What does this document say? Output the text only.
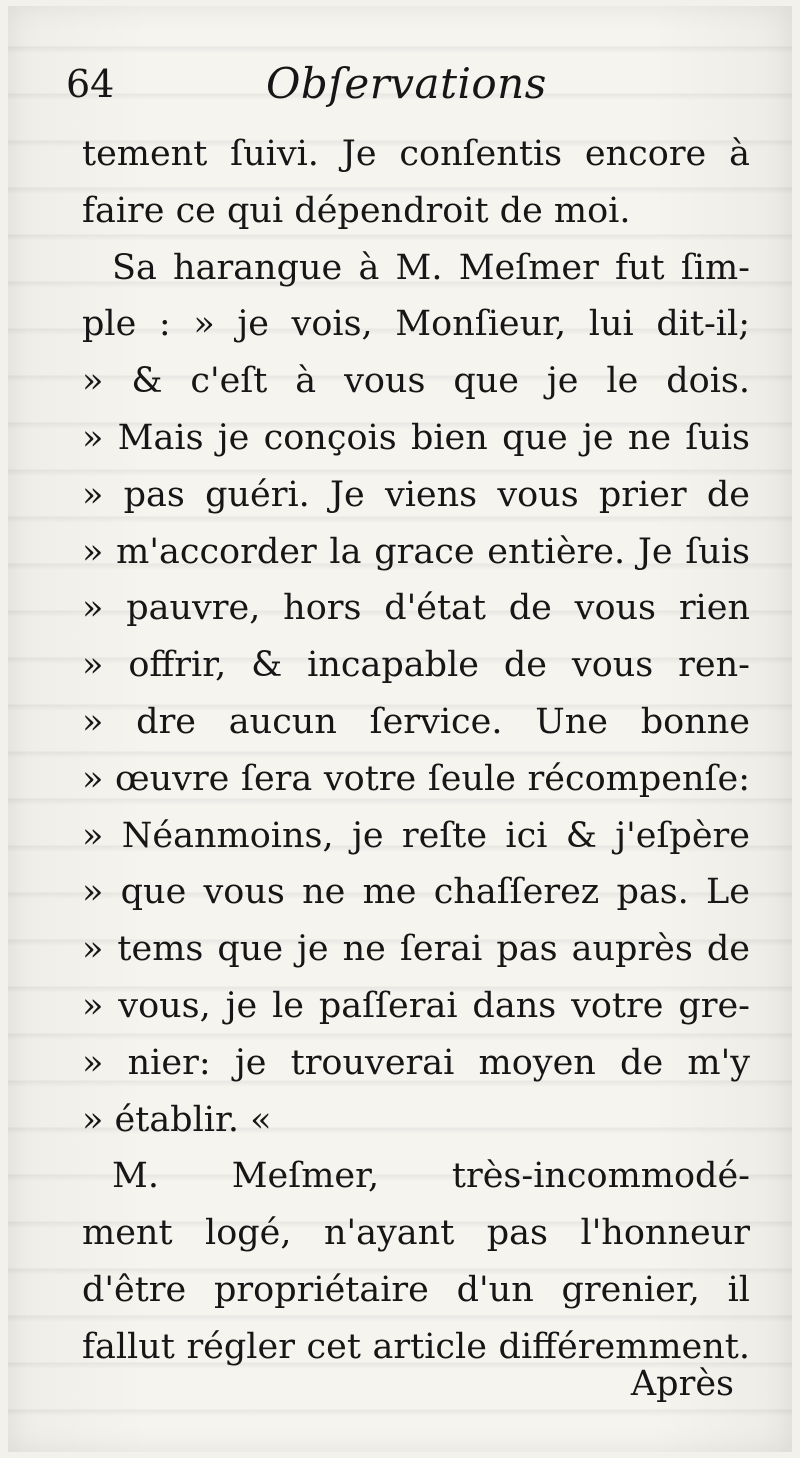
64	Obſervations
tement ſuivi. Je conſentis encore à
faire ce qui dépendroit de moi.
Sa harangue à M. Meſmer fut ſim-
ple : » je vois, Monſieur, lui dit-il;
» & c'eſt à vous que je le dois.
» Mais je conçois bien que je ne ſuis
» pas guéri. Je viens vous prier de
» m'accorder la grace entière. Je ſuis
» pauvre, hors d'état de vous rien
» offrir, & incapable de vous ren-
» dre aucun ſervice. Une bonne
» œuvre ſera votre ſeule récompenſe:
» Néanmoins, je reſte ici & j'eſpère
» que vous ne me chaſſerez pas. Le
» tems que je ne ſerai pas auprès de
» vous, je le paſſerai dans votre gre-
» nier: je trouverai moyen de m'y
» établir. «
M. Meſmer, très-incommodé-
ment logé, n'ayant pas l'honneur
d'être propriétaire d'un grenier, il
fallut régler cet article différemment.
Après
